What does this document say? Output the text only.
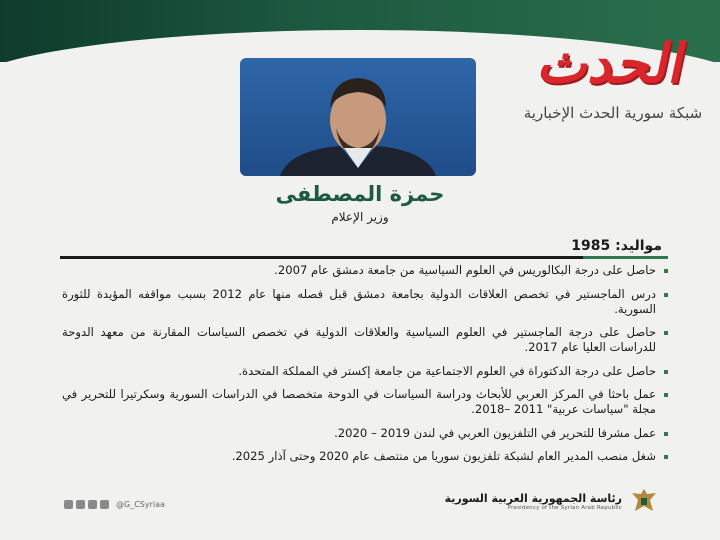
الحدث
شبكة سورية الحدث الإخبارية
حمزة المصطفى
وزير الإعلام
مواليد: 1985
حاصل على درجة البكالوريس في العلوم السياسية من جامعة دمشق عام 2007.
درس الماجستير في تخصص العلاقات الدولية بجامعة دمشق قبل فصله منها عام 2012 بسبب مواقفه المؤيدة للثورة السورية.
حاصل على درجة الماجستير في العلوم السياسية والعلاقات الدولية في تخصص السياسات المقارنة من معهد الدوحة للدراسات العليا عام 2017.
حاصل على درجة الدكتوراة في العلوم الاجتماعية من جامعة إكستر في المملكة المتحدة.
عمل باحثا في المركز العربي للأبحاث ودراسة السياسات في الدوحة متخصصا في الدراسات السورية وسكرتيرا للتحرير في مجلة "سياسات عربية" 2011 –2018.
عمل مشرفا للتحرير في التلفزيون العربي في لندن 2019 – 2020.
شغل منصب المدير العام لشبكة تلفزيون سوريا من منتصف عام 2020 وحتى آذار 2025.
@G_CSyriaa	رئاسة الجمهورية العربية السورية
Presidency of the Syrian Arab Republic
